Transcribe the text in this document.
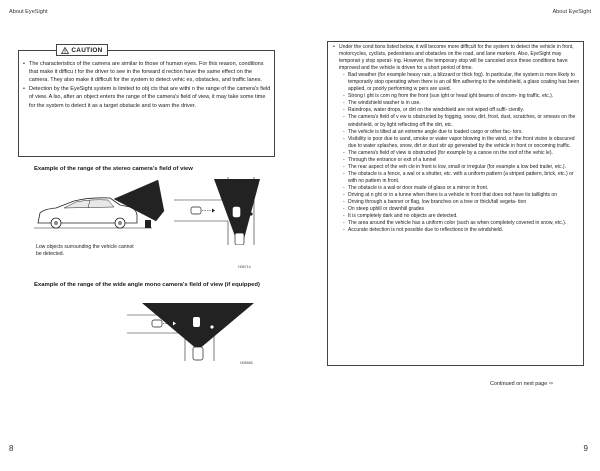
About EyeSight	About EyeSight
CAUTION
• The characteristics of the camera are similar to those of human eyes. For this reason, conditions that make it difficu t for the driver to see in the forward d rection have the same effect on the camera. They also make it difficult for the system to detect vehic es, obstacles, and traffic lanes.
• Detection by the EyeSight system is limited to obj cts that are withi n the range of the camera's field of view. A lso, after an object enters the range of the camera's field of view, it may take some time for the system to detect it as a target obstacle and to warn the driver.
Example of the range of the stereo camera's field of view
Low objects surrounding the vehicle cannot be detected.
H06714
Example of the range of the wide angle mono camera's field of view (if equipped)
H06565
8
• Under the cond tions listed below, it will become more difficult for the system to detect the vehicle in front, motorcycles, cyclists, pedestrians and obstacles on the road, and lane markers. Also, EyeSight may temporari y stop operat- ing. However, the temporary stop will be canceled once these conditions have improved and the vehicle is driven for a short period of time.
- Bad weather (for example heavy rain, a blizzard or thick fog). In particular, the system is more likely to temporarily stop operating when there is an oil film adhering to the windshield, a glass coating has been applied, or poorly performing w pers are used.
- Strong l ght is com ng from the front (sun ight or head ight beams of oncom- ing traffic, etc.).
- The windshield washer is in use.
- Raindrops, water drops, or dirt on the windshield are not wiped off suffi- ciently.
- The camera's field of v ew is obstructed by fogging, snow, dirt, frost, dust, scratches, or smears on the windshield, or by light reflecting off the dirt, etc.
- The vehicle is tilted at an extreme angle due to loaded cargo or other fac- tors.
- Visibility is poor due to sand, smoke or water vapor blowing in the wind, or the front vision is obscured due to water splashes, snow, dirt or dust stir up generated by the vehicle in front or oncoming traffic.
- The camera's field of view is obstructed (for example by a canoe on the roof of the vehic le).
- Through the entrance or exit of a tunnel
- The rear aspect of the veh cle in front is low, small or irregular (for example a low bed trailer, etc.).
- The obstacle is a fence, a wal or a shutter, etc. with a uniform pattern (a striped pattern, brick, etc.) or with no pattern in front.
- The obstacle is a wal or door made of glass or a mirror in front.
- Driving at n ght or in a tunne when there is a vehicle in front that does not have its taillights on
- Driving through a banner or flag, low branches on a tree or thick/tall vegeta- tion
- On steep uphill or downhill grades
- It is completely dark and no objects are detected.
- The area around the vehicle has a uniform color (such as when completely covered in snow, etc.).
- Accurate detection is not possible due to reflections in the windshield.
Continued on next page ⇨
9
